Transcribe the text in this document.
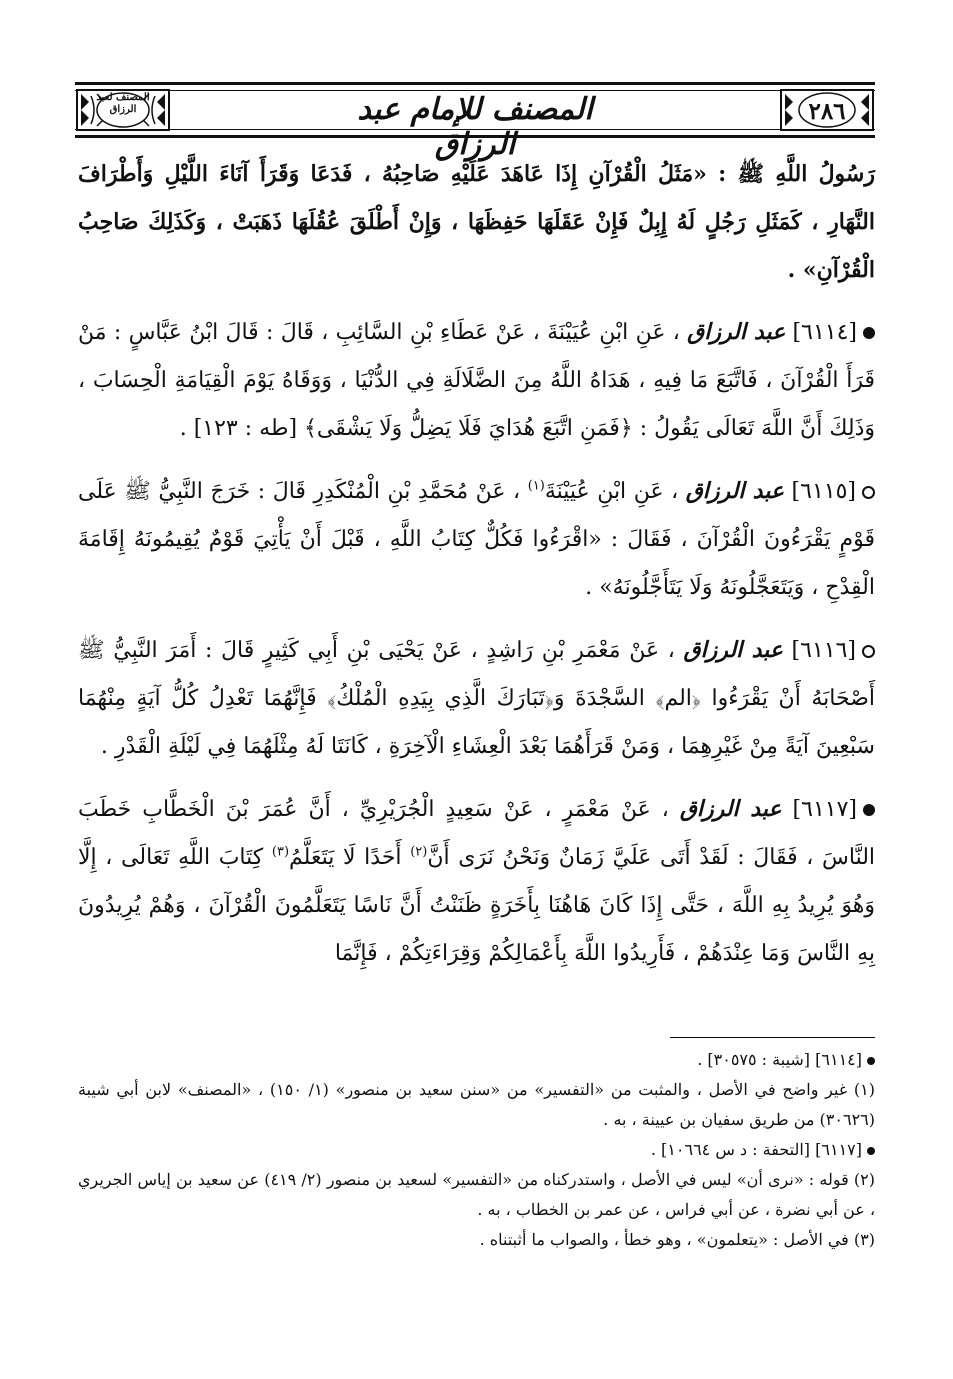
المصنف لعبد الرزاق	المصنف للإمام عبد الرزاق
٢٨٦

رَسُولُ اللَّهِ ﷺ : «مَثَلُ الْقُرْآنِ إِذَا عَاهَدَ عَلَيْهِ صَاحِبُهُ ، فَدَعَا وَقَرَأَ آنَاءَ اللَّيْلِ وَأَطْرَافَ النَّهَارِ ، كَمَثَلِ رَجُلٍ لَهُ إِبِلٌ فَإِنْ عَقَلَهَا حَفِظَهَا ، وَإِنْ أَطْلَقَ عُقُلَهَا ذَهَبَتْ ، وَكَذَلِكَ صَاحِبُ الْقُرْآنِ» .

[٦١١٤] عبد الرزاق ، عَنِ ابْنِ عُيَيْنَةَ ، عَنْ عَطَاءِ بْنِ السَّائِبِ ، قَالَ : قَالَ ابْنُ عَبَّاسٍ : مَنْ قَرَأَ الْقُرْآنَ ، فَاتَّبَعَ مَا فِيهِ ، هَدَاهُ اللَّهُ مِنَ الضَّلَالَةِ فِي الدُّنْيَا ، وَوَقَاهُ يَوْمَ الْقِيَامَةِ الْحِسَابَ ، وَذَلِكَ أَنَّ اللَّهَ تَعَالَى يَقُولُ : ﴿فَمَنِ اتَّبَعَ هُدَايَ فَلَا يَضِلُّ وَلَا يَشْقَى﴾ [طه : ١٢٣] .

[٦١١٥] عبد الرزاق ، عَنِ ابْنِ عُيَيْنَةَ$^{(١)}$ ، عَنْ مُحَمَّدِ بْنِ الْمُنْكَدِرِ قَالَ : خَرَجَ النَّبِيُّ ﷺ عَلَى قَوْمٍ يَقْرَءُونَ الْقُرْآنَ ، فَقَالَ : «اقْرَءُوا فَكُلٌّ كِتَابُ اللَّهِ ، قَبْلَ أَنْ يَأْتِيَ قَوْمٌ يُقِيمُونَهُ إِقَامَةَ الْقِدْحِ ، وَيَتَعَجَّلُونَهُ وَلَا يَتَأَجَّلُونَهُ» .

[٦١١٦] عبد الرزاق ، عَنْ مَعْمَرِ بْنِ رَاشِدٍ ، عَنْ يَحْيَى بْنِ أَبِي كَثِيرٍ قَالَ : أَمَرَ النَّبِيُّ ﷺ أَصْحَابَهُ أَنْ يَقْرَءُوا ﴿الم﴾ السَّجْدَةَ وَ﴿تَبَارَكَ الَّذِي بِيَدِهِ الْمُلْكُ﴾ فَإِنَّهُمَا تَعْدِلُ كُلُّ آيَةٍ مِنْهُمَا سَبْعِينَ آيَةً مِنْ غَيْرِهِمَا ، وَمَنْ قَرَأَهُمَا بَعْدَ الْعِشَاءِ الْآخِرَةِ ، كَانَتَا لَهُ مِثْلَهُمَا فِي لَيْلَةِ الْقَدْرِ .

[٦١١٧] عبد الرزاق ، عَنْ مَعْمَرٍ ، عَنْ سَعِيدٍ الْجُرَيْرِيِّ ، أَنَّ عُمَرَ بْنَ الْخَطَّابِ خَطَبَ النَّاسَ ، فَقَالَ : لَقَدْ أَتَى عَلَيَّ زَمَانٌ وَنَحْنُ نَرَى أَنَّ$^{(٢)}$ أَحَدًا لَا يَتَعَلَّمُ$^{(٣)}$ كِتَابَ اللَّهِ تَعَالَى ، إِلَّا وَهُوَ يُرِيدُ بِهِ اللَّهَ ، حَتَّى إِذَا كَانَ هَاهُنَا بِأَخَرَةٍ ظَنَنْتُ أَنَّ نَاسًا يَتَعَلَّمُونَ الْقُرْآنَ ، وَهُمْ يُرِيدُونَ بِهِ النَّاسَ وَمَا عِنْدَهُمْ ، فَأَرِيدُوا اللَّهَ بِأَعْمَالِكُمْ وَقِرَاءَتِكُمْ ، فَإِنَّمَا

[٦١١٤] [شيبة : ٣٠٥٧٥] .

(١) غير واضح في الأصل ، والمثبت من «التفسير» من «سنن سعيد بن منصور» (١/ ١٥٠) ، «المصنف» لابن أبي شيبة (٣٠٦٢٦) من طريق سفيان بن عيينة ، به .

[٦١١٧] [التحفة : د س ١٠٦٦٤] .

(٢) قوله : «نرى أن» ليس في الأصل ، واستدركناه من «التفسير» لسعيد بن منصور (٢/ ٤١٩) عن سعيد بن إياس الجريري ، عن أبي نضرة ، عن أبي فراس ، عن عمر بن الخطاب ، به .

(٣) في الأصل : «يتعلمون» ، وهو خطأ ، والصواب ما أثبتناه .
